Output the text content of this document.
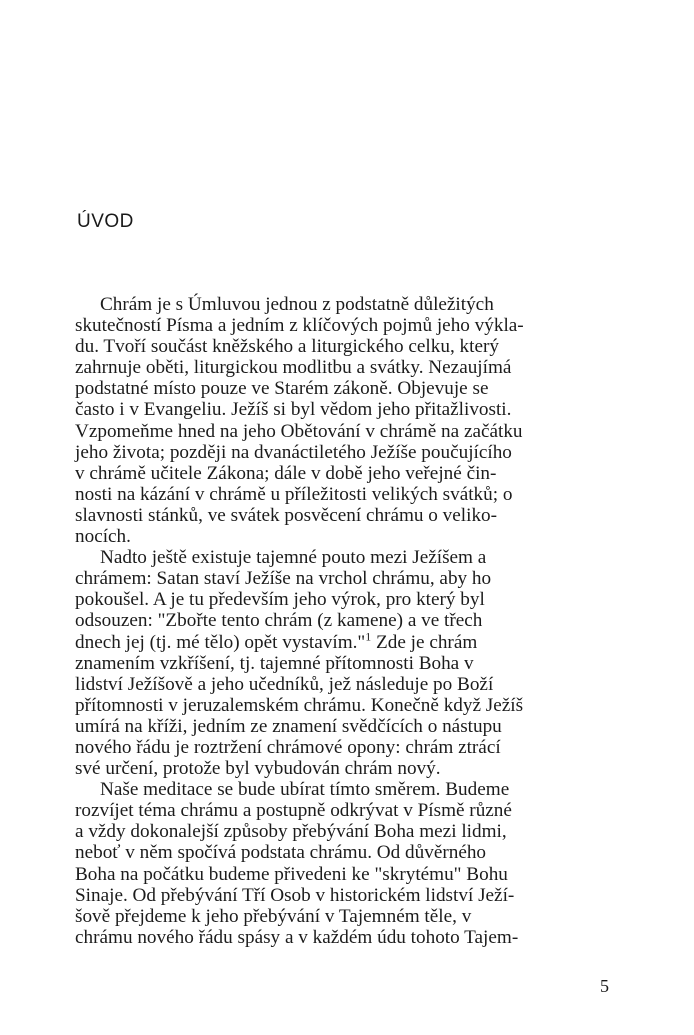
ÚVOD
Chrám je s Úmluvou jednou z podstatně důležitých
skutečností Písma a jedním z klíčových pojmů jeho výkla-
du. Tvoří součást kněžského a liturgického celku, který
zahrnuje oběti, liturgickou modlitbu a svátky. Nezaujímá
podstatné místo pouze ve Starém zákoně. Objevuje se
často i v Evangeliu. Ježíš si byl vědom jeho přitažlivosti.
Vzpomeňme hned na jeho Obětování v chrámě na začátku
jeho života; později na dvanáctiletého Ježíše poučujícího
v chrámě učitele Zákona; dále v době jeho veřejné čin-
nosti na kázání v chrámě u příležitosti velikých svátků; o
slavnosti stánků, ve svátek posvěcení chrámu o veliko-
nocích.
Nadto ještě existuje tajemné pouto mezi Ježíšem a
chrámem: Satan staví Ježíše na vrchol chrámu, aby ho
pokoušel. A je tu především jeho výrok, pro který byl
odsouzen: "Zbořte tento chrám (z kamene) a ve třech
dnech jej (tj. mé tělo) opět vystavím."$^1$ Zde je chrám
znamením vzkříšení, tj. tajemné přítomnosti Boha v
lidství Ježíšově a jeho učedníků, jež následuje po Boží
přítomnosti v jeruzalemském chrámu. Konečně když Ježíš
umírá na kříži, jedním ze znamení svědčících o nástupu
nového řádu je roztržení chrámové opony: chrám ztrácí
své určení, protože byl vybudován chrám nový.
Naše meditace se bude ubírat tímto směrem. Budeme
rozvíjet téma chrámu a postupně odkrývat v Písmě různé
a vždy dokonalejší způsoby přebývání Boha mezi lidmi,
neboť v něm spočívá podstata chrámu. Od důvěrného
Boha na počátku budeme přivedeni ke "skrytému" Bohu
Sinaje. Od přebývání Tří Osob v historickém lidství Ježí-
šově přejdeme k jeho přebývání v Tajemném těle, v
chrámu nového řádu spásy a v každém údu tohoto Tajem-
5
